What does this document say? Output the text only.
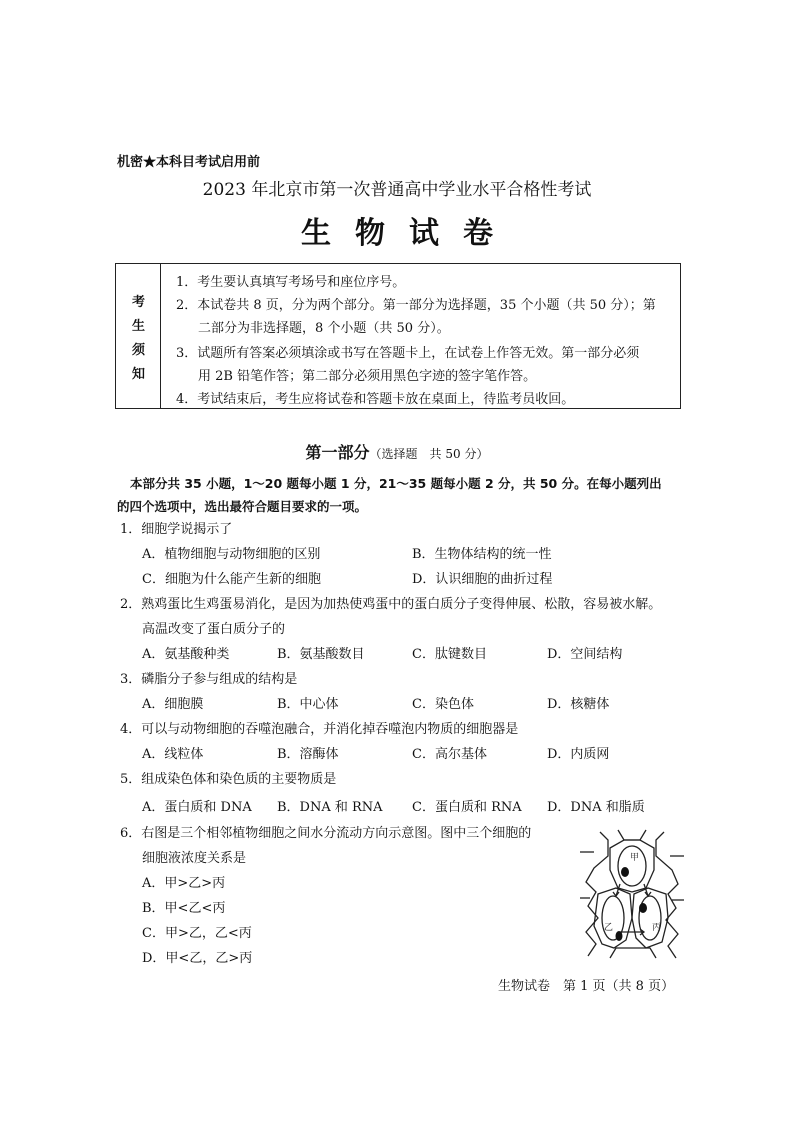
机密★本科目考试启用前
2023 年北京市第一次普通高中学业水平合格性考试
生物试卷
考
生
须
知
1．考生要认真填写考场号和座位序号。
2．本试卷共 8 页，分为两个部分。第一部分为选择题，35 个小题（共 50 分）；第
二部分为非选择题，8 个小题（共 50 分）。
3．试题所有答案必须填涂或书写在答题卡上，在试卷上作答无效。第一部分必须
用 2B 铅笔作答；第二部分必须用黑色字迹的签字笔作答。
4．考试结束后，考生应将试卷和答题卡放在桌面上，待监考员收回。
第一部分（选择题　共 50 分）
本部分共 35 小题，1～20 题每小题 1 分，21～35 题每小题 2 分，共 50 分。在每小题列出
的四个选项中，选出最符合题目要求的一项。
1．细胞学说揭示了
A．植物细胞与动物细胞的区别	B．生物体结构的统一性
C．细胞为什么能产生新的细胞	D．认识细胞的曲折过程
2．熟鸡蛋比生鸡蛋易消化，是因为加热使鸡蛋中的蛋白质分子变得伸展、松散，容易被水解。
高温改变了蛋白质分子的
A．氨基酸种类	B．氨基酸数目	C．肽键数目	D．空间结构
3．磷脂分子参与组成的结构是
A．细胞膜	B．中心体	C．染色体	D．核糖体
4．可以与动物细胞的吞噬泡融合，并消化掉吞噬泡内物质的细胞器是
A．线粒体	B．溶酶体	C．高尔基体	D．内质网
5．组成染色体和染色质的主要物质是
A．蛋白质和 DNA B．DNA 和 RNA C．蛋白质和 RNA D．DNA 和脂质
6．右图是三个相邻植物细胞之间水分流动方向示意图。图中三个细胞的
细胞液浓度关系是
A．甲>乙>丙
B．甲<乙<丙
C．甲>乙，乙<丙
D．甲<乙，乙>丙
甲
乙	丙
生物试卷　第 1 页（共 8 页）
